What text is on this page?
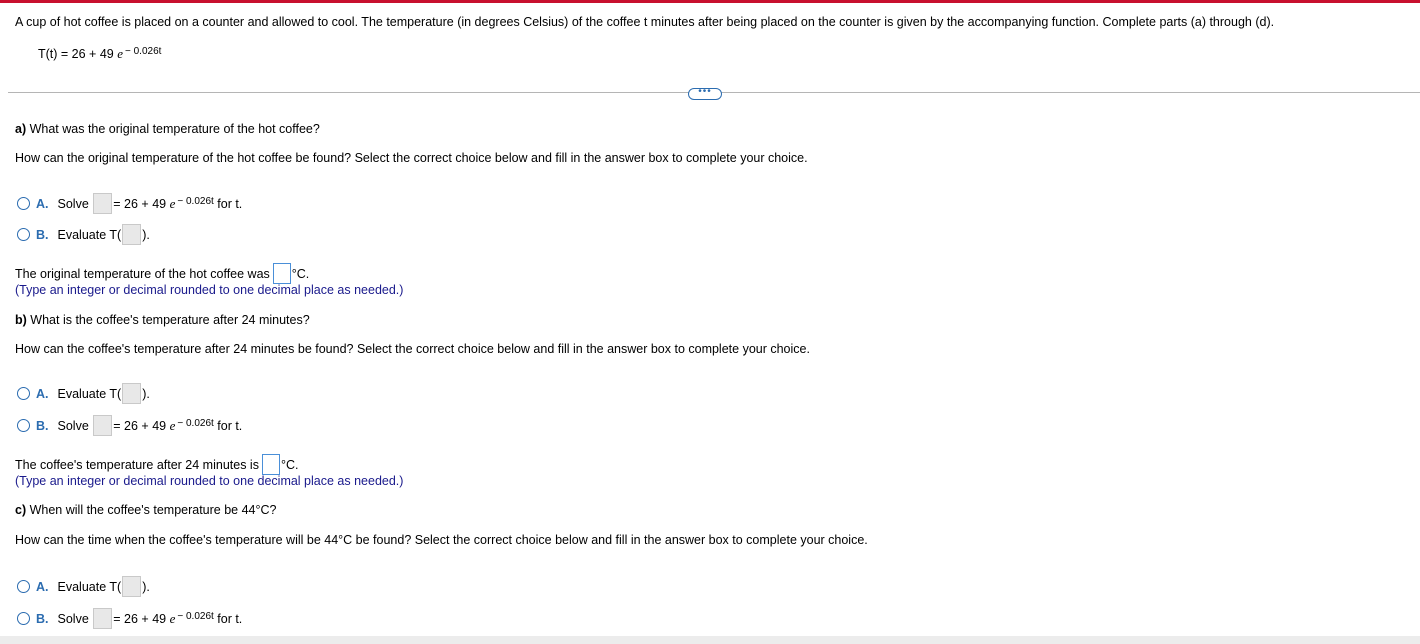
A cup of hot coffee is placed on a counter and allowed to cool. The temperature (in degrees Celsius) of the coffee t minutes after being placed on the counter is given by the accompanying function. Complete parts (a) through (d).
T(t) = 26 + 49 e $^{- 0.026t}$
•••
a) What was the original temperature of the hot coffee?
How can the original temperature of the hot coffee be found? Select the correct choice below and fill in the answer box to complete your choice.
A. Solve = 26 + 49 e $^{- 0.026t}$ for t.
B. Evaluate T( ).
The original temperature of the hot coffee was °C.
(Type an integer or decimal rounded to one decimal place as needed.)
b) What is the coffee's temperature after 24 minutes?
How can the coffee's temperature after 24 minutes be found? Select the correct choice below and fill in the answer box to complete your choice.
A. Evaluate T( ).
B. Solve = 26 + 49 e $^{- 0.026t}$ for t.
The coffee's temperature after 24 minutes is °C.
(Type an integer or decimal rounded to one decimal place as needed.)
c) When will the coffee's temperature be 44°C?
How can the time when the coffee's temperature will be 44°C be found? Select the correct choice below and fill in the answer box to complete your choice.
A. Evaluate T( ).
B. Solve = 26 + 49 e $^{- 0.026t}$ for t.
